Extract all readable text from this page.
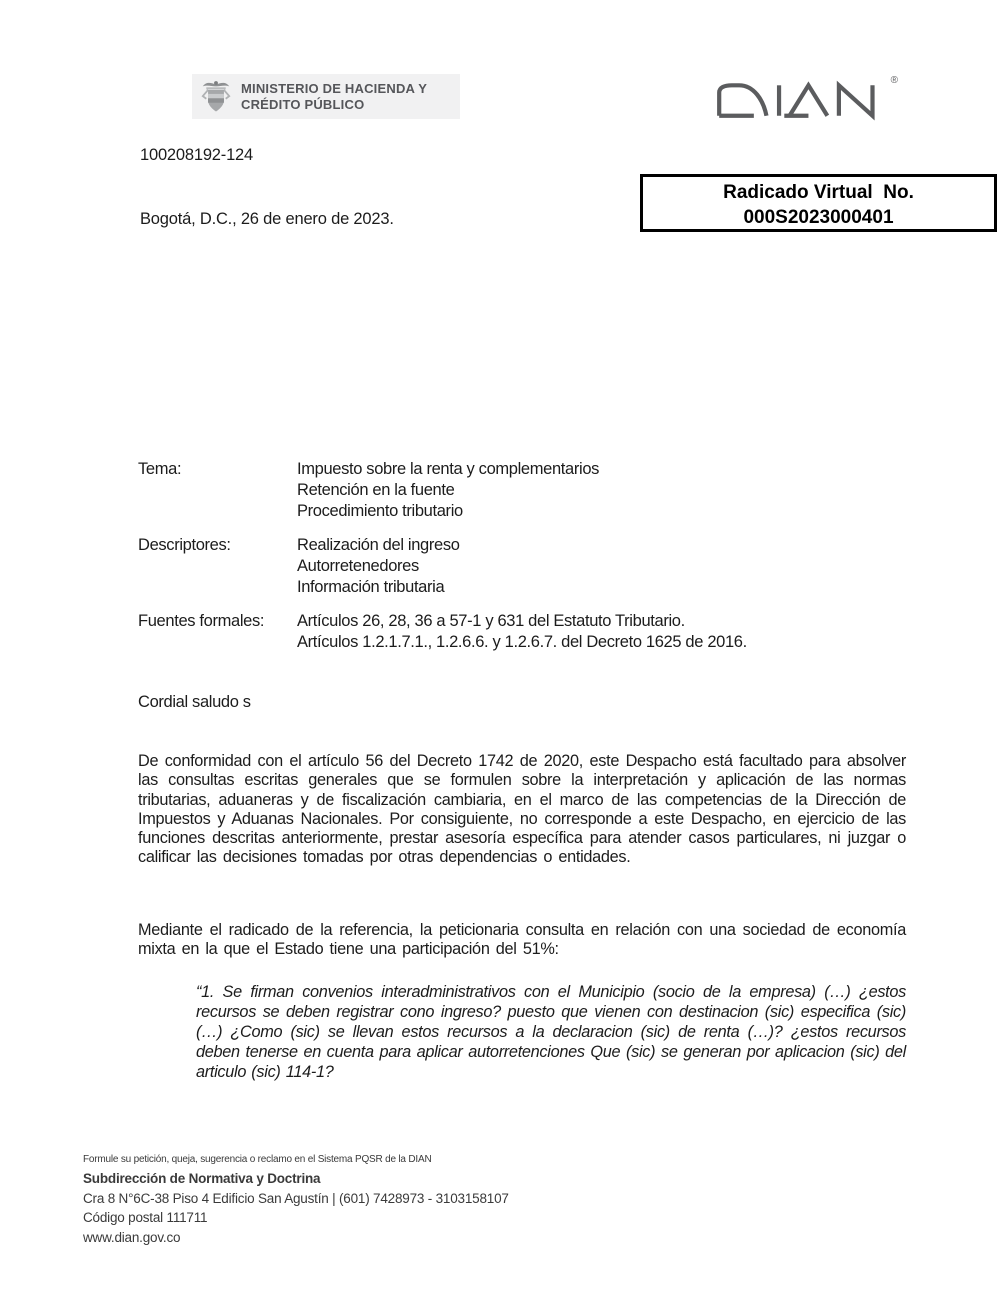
MINISTERIO DE HACIENDA Y
CRÉDITO PÚBLICO
®
100208192-124
Radicado Virtual  No.
000S2023000401
Bogotá, D.C., 26 de enero de 2023.
Tema:	Impuesto sobre la renta y complementarios
Retención en la fuente
Procedimiento tributario
Descriptores:	Realización del ingreso
Autorretenedores
Información tributaria
Fuentes formales:	Artículos 26, 28, 36 a 57-1 y 631 del Estatuto Tributario.
Artículos 1.2.1.7.1., 1.2.6.6. y 1.2.6.7. del Decreto 1625 de 2016.
Cordial saludo s

De conformidad con el artículo 56 del Decreto 1742 de 2020, este Despacho está facultado para absolver las consultas escritas generales que se formulen sobre la interpretación y aplicación de las normas tributarias, aduaneras y de fiscalización cambiaria, en el marco de las competencias de la Dirección de Impuestos y Aduanas Nacionales. Por consiguiente, no corresponde a este Despacho, en ejercicio de las funciones descritas anteriormente, prestar asesoría específica para atender casos particulares, ni juzgar o calificar las decisiones tomadas por otras dependencias o entidades.

Mediante el radicado de la referencia, la peticionaria consulta en relación con una sociedad de economía mixta en la que el Estado tiene una participación del 51%:

“1. Se firman convenios interadministrativos con el Municipio (socio de la empresa) (…) ¿estos recursos se deben registrar cono ingreso? puesto que vienen con destinacion (sic) especifica (sic) (…) ¿Como (sic) se llevan estos recursos a la declaracion (sic) de renta (…)? ¿estos recursos deben tenerse en cuenta para aplicar autorretenciones Que (sic) se generan por aplicacion (sic) del articulo (sic) 114-1?

Formule su petición, queja, sugerencia o reclamo en el Sistema PQSR de la DIAN
Subdirección de Normativa y Doctrina
Cra 8 N°6C-38 Piso 4 Edificio San Agustín | (601) 7428973 - 3103158107
Código postal 111711
www.dian.gov.co
